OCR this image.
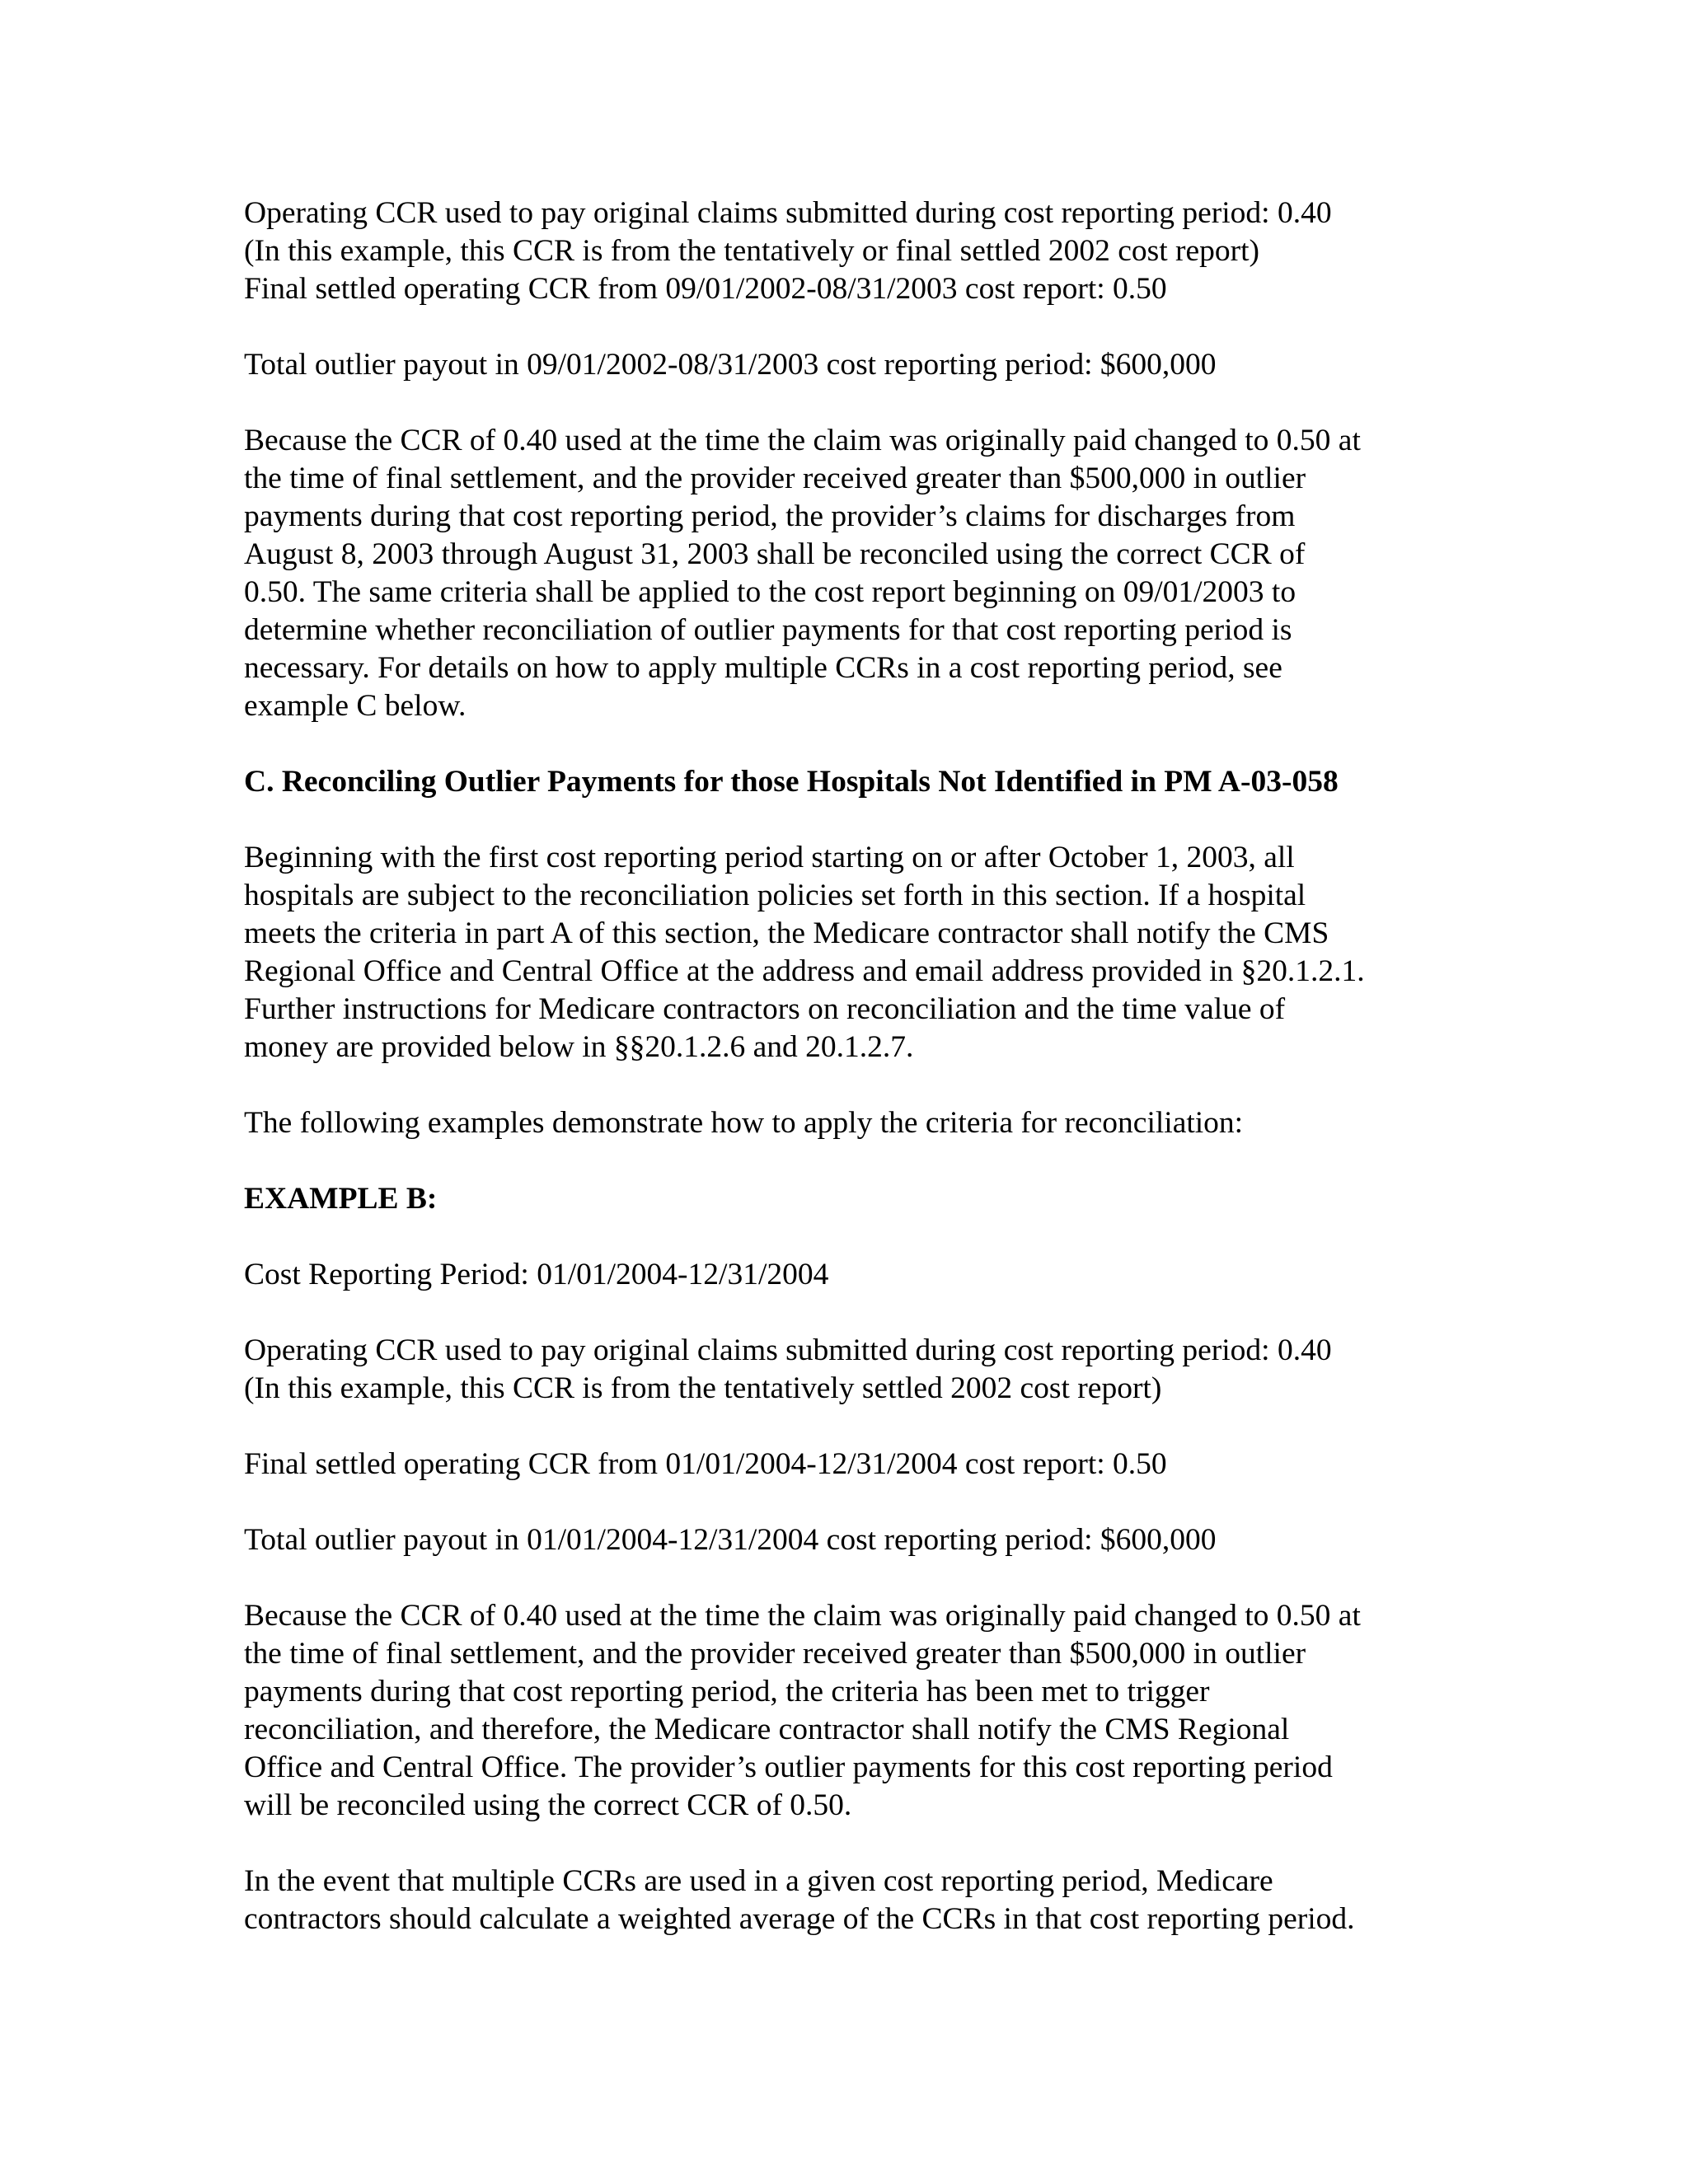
Operating CCR used to pay original claims submitted during cost reporting period: 0.40
(In this example, this CCR is from the tentatively or final settled 2002 cost report)
Final settled operating CCR from 09/01/2002-08/31/2003 cost report: 0.50
Total outlier payout in 09/01/2002-08/31/2003 cost reporting period: $600,000
Because the CCR of 0.40 used at the time the claim was originally paid changed to 0.50 at
the time of final settlement, and the provider received greater than $500,000 in outlier
payments during that cost reporting period, the provider’s claims for discharges from
August 8, 2003 through August 31, 2003 shall be reconciled using the correct CCR of
0.50. The same criteria shall be applied to the cost report beginning on 09/01/2003 to
determine whether reconciliation of outlier payments for that cost reporting period is
necessary. For details on how to apply multiple CCRs in a cost reporting period, see
example C below.
C. Reconciling Outlier Payments for those Hospitals Not Identified in PM A-03-058
Beginning with the first cost reporting period starting on or after October 1, 2003, all
hospitals are subject to the reconciliation policies set forth in this section. If a hospital
meets the criteria in part A of this section, the Medicare contractor shall notify the CMS
Regional Office and Central Office at the address and email address provided in §20.1.2.1.
Further instructions for Medicare contractors on reconciliation and the time value of
money are provided below in §§20.1.2.6 and 20.1.2.7.
The following examples demonstrate how to apply the criteria for reconciliation:
EXAMPLE B:
Cost Reporting Period: 01/01/2004-12/31/2004
Operating CCR used to pay original claims submitted during cost reporting period: 0.40
(In this example, this CCR is from the tentatively settled 2002 cost report)
Final settled operating CCR from 01/01/2004-12/31/2004 cost report: 0.50
Total outlier payout in 01/01/2004-12/31/2004 cost reporting period: $600,000
Because the CCR of 0.40 used at the time the claim was originally paid changed to 0.50 at
the time of final settlement, and the provider received greater than $500,000 in outlier
payments during that cost reporting period, the criteria has been met to trigger
reconciliation, and therefore, the Medicare contractor shall notify the CMS Regional
Office and Central Office. The provider’s outlier payments for this cost reporting period
will be reconciled using the correct CCR of 0.50.
In the event that multiple CCRs are used in a given cost reporting period, Medicare
contractors should calculate a weighted average of the CCRs in that cost reporting period.
